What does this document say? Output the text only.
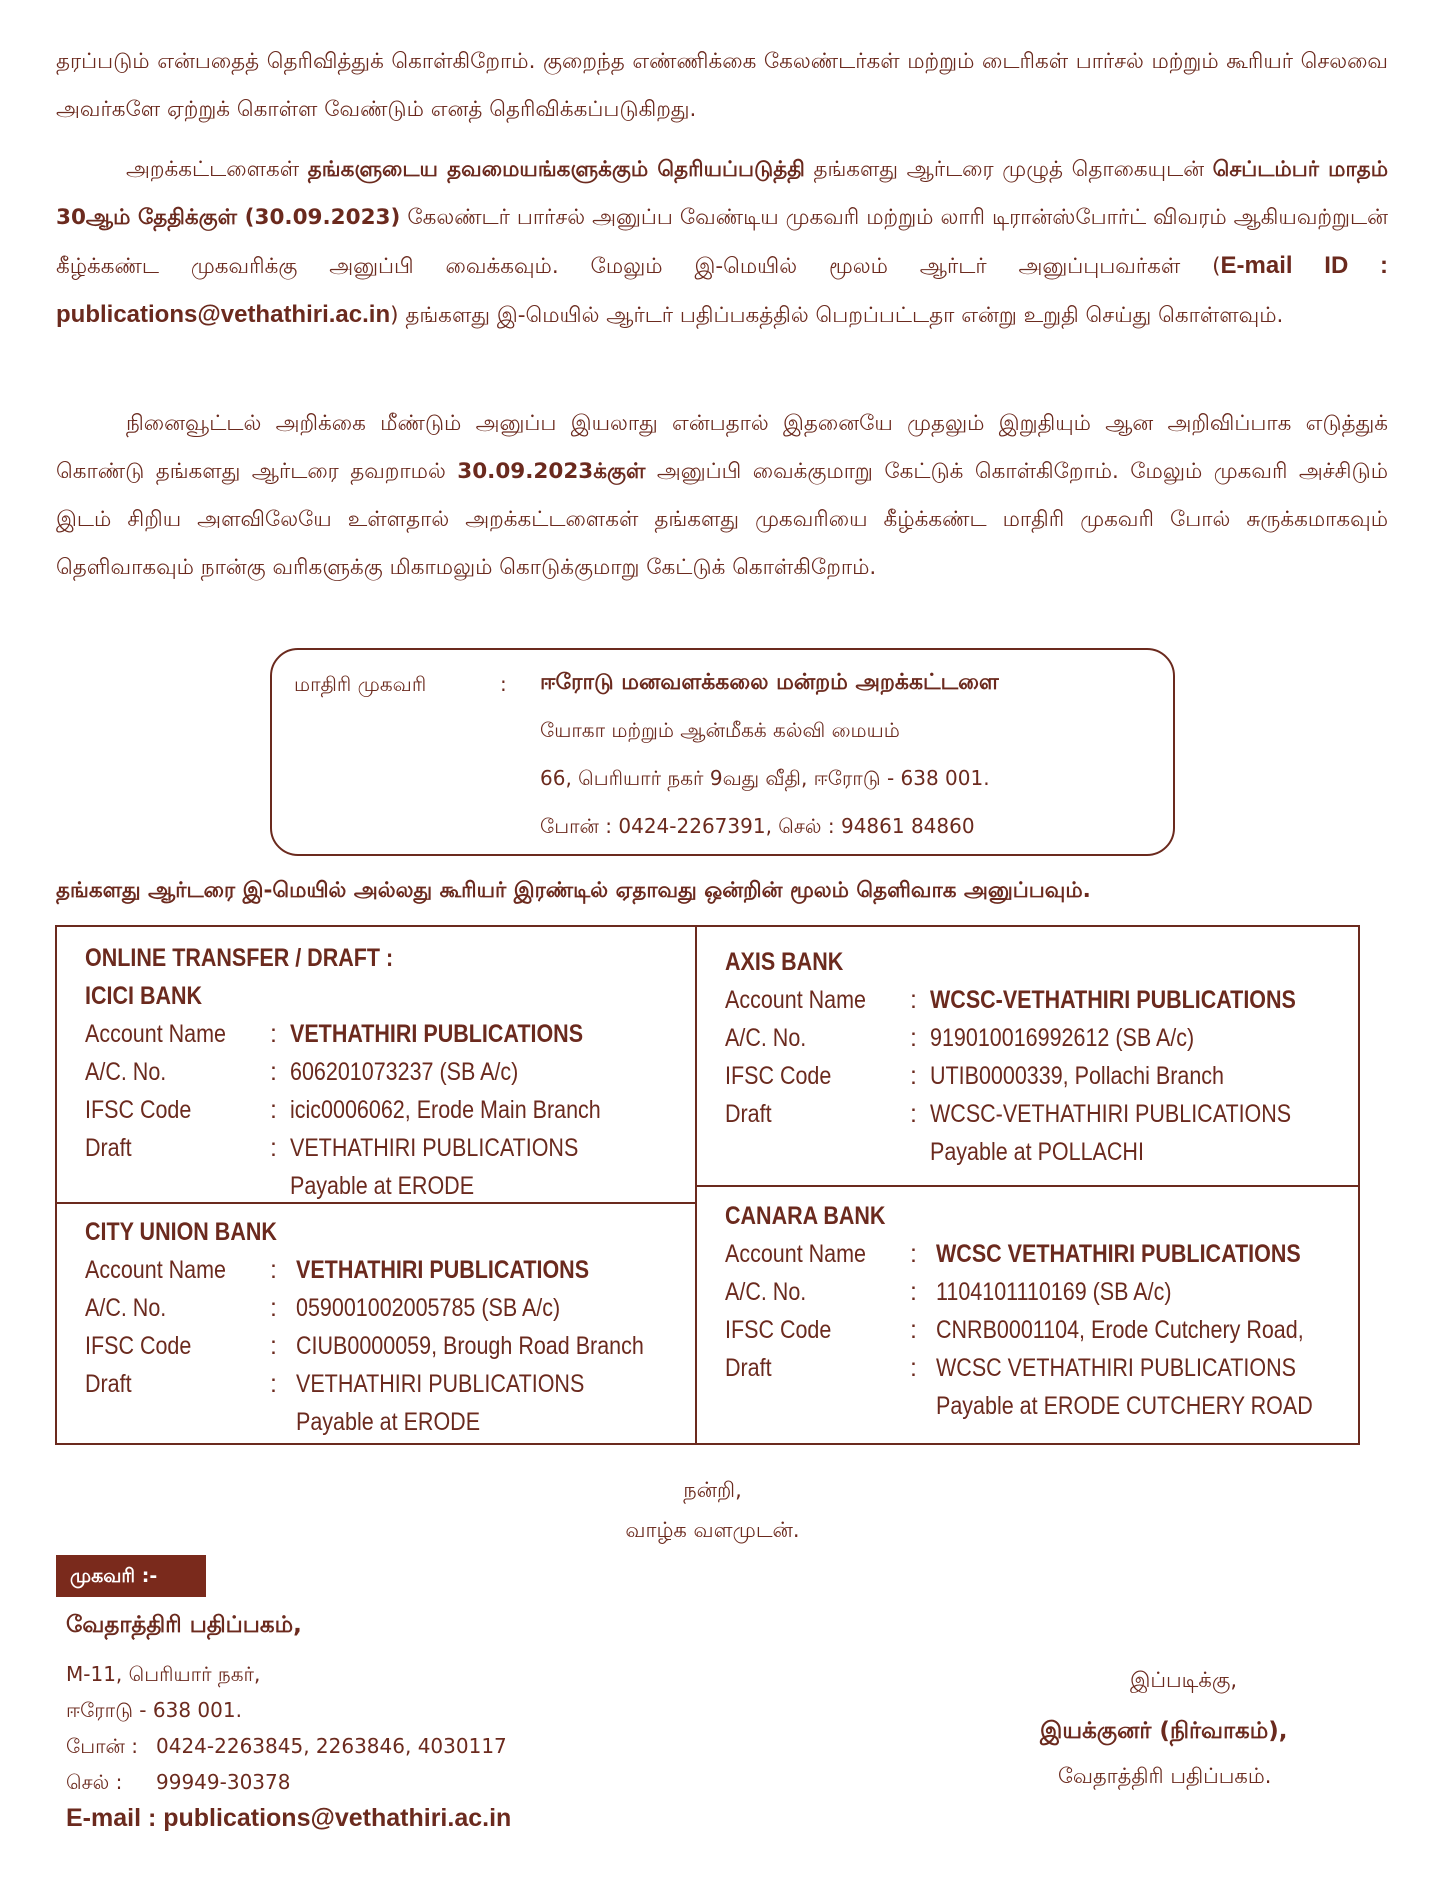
தரப்படும் என்பதைத் தெரிவித்துக் கொள்கிறோம். குறைந்த எண்ணிக்கை கேலண்டர்கள் மற்றும் டைரிகள் பார்சல் மற்றும் கூரியர் செலவை அவர்களே ஏற்றுக் கொள்ள வேண்டும் எனத் தெரிவிக்கப்படுகிறது.

அறக்கட்டளைகள் தங்களுடைய தவமையங்களுக்கும் தெரியப்படுத்தி தங்களது ஆர்டரை முழுத் தொகையுடன் செப்டம்பர் மாதம் 30ஆம் தேதிக்குள் (30.09.2023) கேலண்டர் பார்சல் அனுப்ப வேண்டிய முகவரி மற்றும் லாரி டிரான்ஸ்போர்ட் விவரம் ஆகியவற்றுடன் கீழ்க்கண்ட முகவரிக்கு அனுப்பி வைக்கவும். மேலும் இ-மெயில் மூலம் ஆர்டர் அனுப்புபவர்கள் (E-mail ID : publications@vethathiri.ac.in) தங்களது இ-மெயில் ஆர்டர் பதிப்பகத்தில் பெறப்பட்டதா என்று உறுதி செய்து கொள்ளவும்.

நினைவூட்டல் அறிக்கை மீண்டும் அனுப்ப இயலாது என்பதால் இதனையே முதலும் இறுதியும் ஆன அறிவிப்பாக எடுத்துக் கொண்டு தங்களது ஆர்டரை தவறாமல் 30.09.2023க்குள் அனுப்பி வைக்குமாறு கேட்டுக் கொள்கிறோம். மேலும் முகவரி அச்சிடும் இடம் சிறிய அளவிலேயே உள்ளதால் அறக்கட்டளைகள் தங்களது முகவரியை கீழ்க்கண்ட மாதிரி முகவரி போல் சுருக்கமாகவும் தெளிவாகவும் நான்கு வரிகளுக்கு மிகாமலும் கொடுக்குமாறு கேட்டுக் கொள்கிறோம்.

மாதிரி முகவரி	: ஈரோடு மனவளக்கலை மன்றம் அறக்கட்டளை
யோகா மற்றும் ஆன்மீகக் கல்வி மையம்
66, பெரியார் நகர் 9வது வீதி, ஈரோடு - 638 001.
போன் : 0424-2267391, செல் : 94861 84860

தங்களது ஆர்டரை இ-மெயில் அல்லது கூரியர் இரண்டில் ஏதாவது ஒன்றின் மூலம் தெளிவாக அனுப்பவும்.

ONLINE TRANSFER / DRAFT :
ICICI BANK
Account Name	: VETHATHIRI PUBLICATIONS
A/C. No.	: 606201073237 (SB A/c)
IFSC Code	: icic0006062, Erode Main Branch
Draft	: VETHATHIRI PUBLICATIONS
Payable at ERODE
CITY UNION BANK
Account Name	: VETHATHIRI PUBLICATIONS
A/C. No.	: 059001002005785 (SB A/c)
IFSC Code	: CIUB0000059, Brough Road Branch
Draft	: VETHATHIRI PUBLICATIONS
Payable at ERODE
AXIS BANK
Account Name	: WCSC-VETHATHIRI PUBLICATIONS
A/C. No.	: 919010016992612 (SB A/c)
IFSC Code	: UTIB0000339, Pollachi Branch
Draft	: WCSC-VETHATHIRI PUBLICATIONS
Payable at POLLACHI
CANARA BANK
Account Name	: WCSC VETHATHIRI PUBLICATIONS
A/C. No.	: 1104101110169 (SB A/c)
IFSC Code	: CNRB0001104, Erode Cutchery Road,
Draft	: WCSC VETHATHIRI PUBLICATIONS
Payable at ERODE CUTCHERY ROAD
நன்றி,
வாழ்க வளமுடன்.
முகவரி :-
வேதாத்திரி பதிப்பகம்,
M-11, பெரியார் நகர்,
ஈரோடு - 638 001.
போன் : 0424-2263845, 2263846, 4030117
செல் : 99949-30378
E-mail : publications@vethathiri.ac.in
இப்படிக்கு,
இயக்குனர் (நிர்வாகம்),
வேதாத்திரி பதிப்பகம்.
